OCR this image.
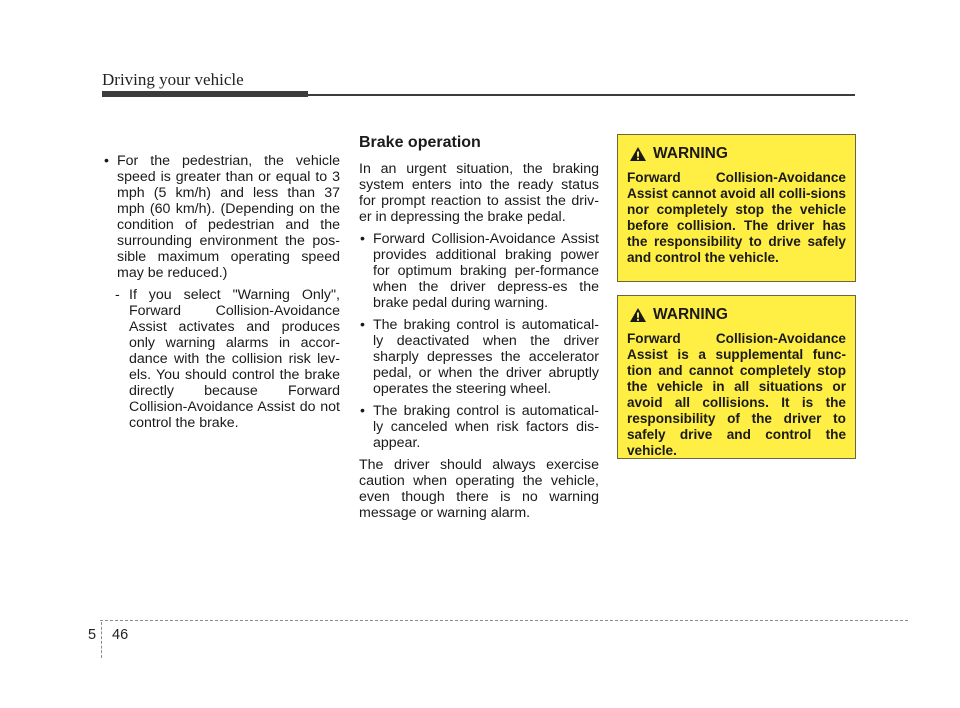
Driving your vehicle

• For the pedestrian, the vehicle speed is greater than or equal to 3 mph (5 km/h) and less than 37 mph (60 km/h). (Depending on the condition of pedestrian and the surrounding environment the pos-sible maximum operating speed may be reduced.)

- If you select "Warning Only", Forward Collision-Avoidance Assist activates and produces only warning alarms in accor-dance with the collision risk lev-els. You should control the brake directly because Forward Collision-Avoidance Assist do not control the brake.

Brake operation

In an urgent situation, the braking system enters into the ready status for prompt reaction to assist the driv-er in depressing the brake pedal.

• Forward Collision-Avoidance Assist provides additional braking power for optimum braking per-formance when the driver depress-es the brake pedal during warning.

• The braking control is automatical-ly deactivated when the driver sharply depresses the accelerator pedal, or when the driver abruptly operates the steering wheel.

• The braking control is automatical-ly canceled when risk factors dis-appear.

The driver should always exercise caution when operating the vehicle, even though there is no warning message or warning alarm.

WARNING
Forward Collision-Avoidance Assist cannot avoid all colli-sions nor completely stop the vehicle before collision. The driver has the responsibility to drive safely and control the vehicle.
WARNING
Forward Collision-Avoidance Assist is a supplemental func-tion and cannot completely stop the vehicle in all situations or avoid all collisions. It is the responsibility of the driver to safely drive and control the vehicle.
5 46
